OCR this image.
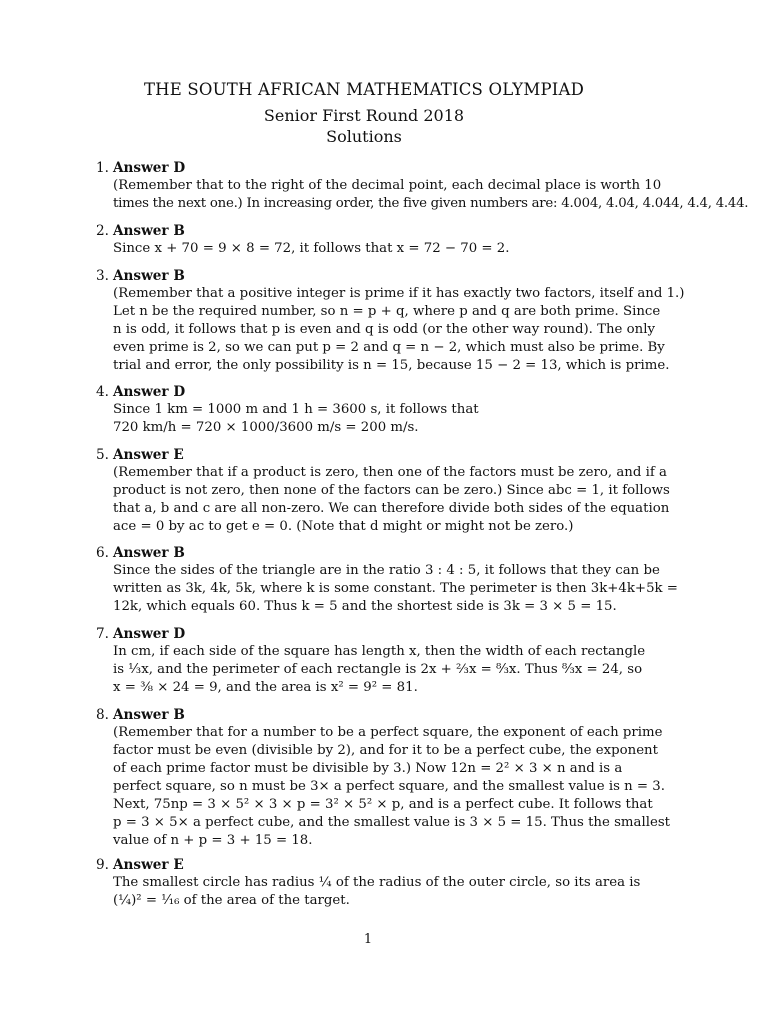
THE SOUTH AFRICAN MATHEMATICS OLYMPIAD
Senior First Round 2018
Solutions
1. Answer D
(Remember that to the right of the decimal point, each decimal place is worth 10
times the next one.) In increasing order, the five given numbers are: 4.004, 4.04, 4.044, 4.4, 4.44.
2. Answer B
Since x + 70 = 9 × 8 = 72, it follows that x = 72 − 70 = 2.
3. Answer B
(Remember that a positive integer is prime if it has exactly two factors, itself and 1.)
Let n be the required number, so n = p + q, where p and q are both prime. Since
n is odd, it follows that p is even and q is odd (or the other way round). The only
even prime is 2, so we can put p = 2 and q = n − 2, which must also be prime. By
trial and error, the only possibility is n = 15, because 15 − 2 = 13, which is prime.
4. Answer D
Since 1 km = 1000 m and 1 h = 3600 s, it follows that
720 km/h = 720 × 1000/3600 m/s = 200 m/s.
5. Answer E
(Remember that if a product is zero, then one of the factors must be zero, and if a
product is not zero, then none of the factors can be zero.) Since abc = 1, it follows
that a, b and c are all non-zero. We can therefore divide both sides of the equation
ace = 0 by ac to get e = 0. (Note that d might or might not be zero.)
6. Answer B
Since the sides of the triangle are in the ratio 3 : 4 : 5, it follows that they can be
written as 3k, 4k, 5k, where k is some constant. The perimeter is then 3k+4k+5k =
12k, which equals 60. Thus k = 5 and the shortest side is 3k = 3 × 5 = 15.
7. Answer D
In cm, if each side of the square has length x, then the width of each rectangle
is ⅓x, and the perimeter of each rectangle is 2x + ⅔x = ⁸⁄₃x. Thus ⁸⁄₃x = 24, so
x = ⅜ × 24 = 9, and the area is x² = 9² = 81.
8. Answer B
(Remember that for a number to be a perfect square, the exponent of each prime
factor must be even (divisible by 2), and for it to be a perfect cube, the exponent
of each prime factor must be divisible by 3.) Now 12n = 2² × 3 × n and is a
perfect square, so n must be 3× a perfect square, and the smallest value is n = 3.
Next, 75np = 3 × 5² × 3 × p = 3² × 5² × p, and is a perfect cube. It follows that
p = 3 × 5× a perfect cube, and the smallest value is 3 × 5 = 15. Thus the smallest
value of n + p = 3 + 15 = 18.
9. Answer E
The smallest circle has radius ¼ of the radius of the outer circle, so its area is
(¼)² = ¹⁄₁₆ of the area of the target.
1
